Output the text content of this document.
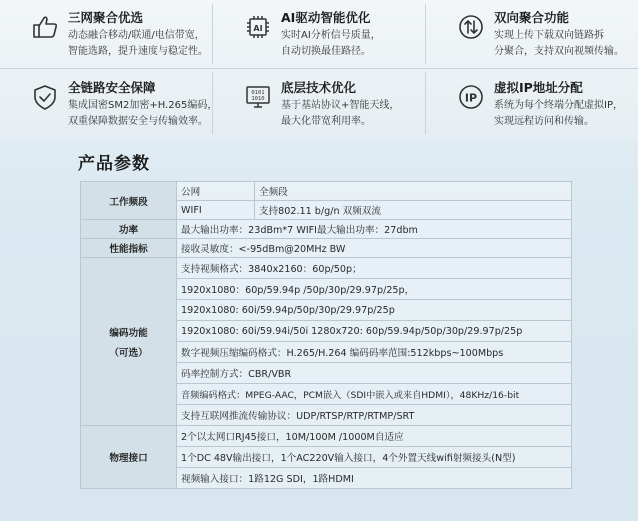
三网聚合优选
动态融合移动/联通/电信带宽，
智能选路，提升速度与稳定性。
AI
AI驱动智能优化
实时AI分析信号质量，
自动切换最佳路径。
双向聚合功能
实现上传下载双向链路拆
分聚合，支持双向视频传输。
全链路安全保障
集成国密SM2加密+H.265编码，
双重保障数据安全与传输效率。
0101
1010
底层技术优化
基于基站协议+智能天线，
最大化带宽利用率。
IP
虚拟IP地址分配
系统为每个终端分配虚拟IP，
实现远程访问和传输。
产品参数
工作频段	公网	全频段
	WIFI	支持802.11 b/g/n 双频双流
功率	最大输出功率：23dBm*7 WIFI最大输出功率：27dbm	
性能指标	接收灵敏度：<-95dBm@20MHz BW	

编码功能
（可选）	支持视频格式：3840x2160：60p/50p；	
	1920x1080：60p/59.94p /50p/30p/29.97p/25p，	
	1920x1080: 60i/59.94p/50p/30p/29.97p/25p	
	1920x1080: 60i/59.94i/50i 1280x720: 60p/59.94p/50p/30p/29.97p/25p	
	数字视频压缩编码格式：H.265/H.264 编码码率范围:512kbps~100Mbps	
	码率控制方式：CBR/VBR	
	音频编码格式：MPEG-AAC，PCM嵌入（SDI中嵌入或来自HDMI），48KHz/16-bit	
	支持互联网推流传输协议：UDP/RTSP/RTP/RTMP/SRT	
物理接口	2个以太网口RJ45接口，10M/100M /1000M自适应	
	1个DC 48V输出接口，1个AC220V输入接口，4个外置天线wifi射频接头(N型)	
	视频输入接口：1路12G SDI，1路HDMI	
